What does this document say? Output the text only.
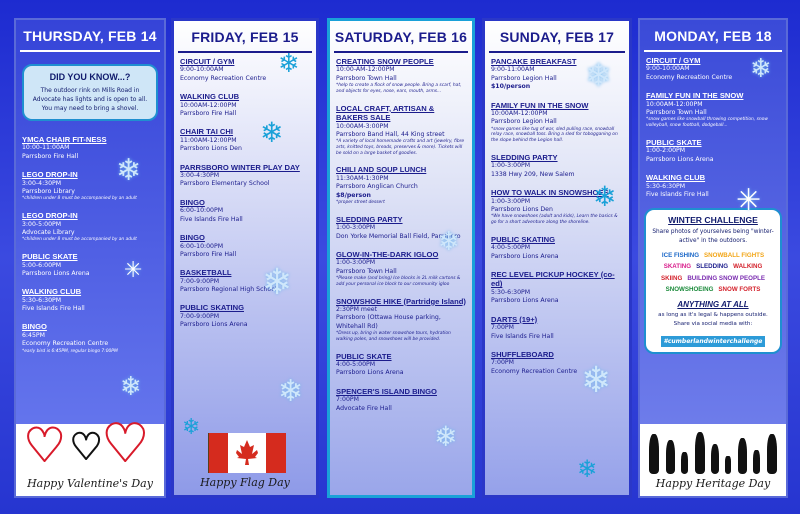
THURSDAY, FEB 14
DID YOU KNOW...?

The outdoor rink on Mills Road in Advocate has lights and is open to all. You may need to bring a shovel.

YMCA CHAIR FIT-NESS
10:00-11:00AM
Parrsboro Fire Hall
LEGO DROP-IN
3:00-4:30PM
Parrsboro Library
*children under 8 must be accompanied by an adult
LEGO DROP-IN
3:00-5:00PM
Advocate Library
*children under 8 must be accompanied by an adult
PUBLIC SKATE
5:00-6:00PM
Parrsboro Lions Arena
WALKING CLUB
5:30-6:30PM
Five Islands Fire Hall
BINGO
6:45PM
Economy Recreation Centre
*early bird is 6:45PM, regular bingo 7:00PM
❄
✳
❄
♥ ♥ ♥
Happy Valentine's Day
FRIDAY, FEB 15
CIRCUIT / GYM
9:00-10:00AM
Economy Recreation Centre
WALKING CLUB
10:00AM-12:00PM
Parrsboro Fire Hall
CHAIR TAI CHI
11:00AM-12:00PM
Parrsboro Lions Den
PARRSBORO WINTER PLAY DAY
3:00-4:30PM
Parrsboro Elementary School
BINGO
6:00-10:00PM
Five Islands Fire Hall
BINGO
6:00-10:00PM
Parrsboro Fire Hall
BASKETBALL
7:00-9:00PM
Parrsboro Regional High School
PUBLIC SKATING
7:00-9:00PM
Parrsboro Lions Arena
❄
❄
❄
❄
❄
Happy Flag Day
SATURDAY, FEB 16
CREATING SNOW PEOPLE
10:00-AM-12:00PM
Parrsboro Town Hall
*help to create a flock of snow people. Bring a scarf, hat, and objects for eyes, nose, ears, mouth, arms...
LOCAL CRAFT, ARTISAN & BAKERS SALE
10:00AM-3:00PM
Parrsboro Band Hall, 44 King street
*A variety of local homemade crafts and art (jewelry, fibre arts, knitted toys, breads, preserves & more). Tickets will be sold on a large basket of goodies.
CHILI AND SOUP LUNCH
11:30AM-1:30PM
Parrsboro Anglican Church
$8/person
*proper street dessert
SLEDDING PARTY
1:00-3:00PM
Don Yorke Memorial Ball Field, Parrsboro
GLOW-IN-THE-DARK IGLOO
1:00-3:00PM
Parrsboro Town Hall
*Please make (and bring) Ice blocks in 2L milk cartons & add your personal ice block to our community igloo
SNOWSHOE HIKE (Partridge Island)
2:30PM meet
Parrsboro (Ottawa House parking, Whitehall Rd)
*Dress up, bring in water snowshoe tours, hydration walking poles, and snowshoes will be provided.
PUBLIC SKATE
4:00-5:00PM
Parrsboro Lions Arena
SPENCER'S ISLAND BINGO
7:00PM
Advocate Fire Hall
❄
❄
SUNDAY, FEB 17
PANCAKE BREAKFAST
9:00-11:00AM
Parrsboro Legion Hall
$10/person
FAMILY FUN IN THE SNOW
10:00AM-12:00PM
Parrsboro Legion Hall
*snow games like tug of war, sled pulling race, snowball relay race, snowball toss. Bring a sled for tobogganing on the slope behind the Legion hall.
SLEDDING PARTY
1:00-3:00PM
1338 Hwy 209, New Salem
HOW TO WALK IN SNOWSHOES
1:00-3:00PM
Parrsboro Lions Den
*We have snowshoes (adult and kids), Learn the basics & go for a short adventure along the shoreline.
PUBLIC SKATING
4:00-5:00PM
Parrsboro Lions Arena
REC LEVEL PICKUP HOCKEY (co-ed)
5:30-6:30PM
Parrsboro Lions Arena
DARTS (19+)
7:00PM
Five Islands Fire Hall
SHUFFLEBOARD
7:00PM
Economy Recreation Centre
❄
❄
❄
❄
MONDAY, FEB 18
CIRCUIT / GYM
9:00-10:00AM
Economy Recreation Centre
FAMILY FUN IN THE SNOW
10:00AM-12:00PM
Parrsboro Town Hall
*snow games like snowball throwing competition, snow volleyball, snow football, dodgeball...
PUBLIC SKATE
1:00-2:00PM
Parrsboro Lions Arena
WALKING CLUB
5:30-6:30PM
Five Islands Fire Hall
❄
✳
WINTER CHALLENGE
Share photos of yourselves being "winter-active" in the outdoors.
ICE FISHING SNOWBALL FIGHTS
SKATING SLEDDING WALKING
SKIING BUILDING SNOW PEOPLE
SNOWSHOEING SNOW FORTS
ANYTHING AT ALL
as long as it's legal & happens outside.
Share via social media with:
#cumberlandwinterchallenge
Happy Heritage Day
